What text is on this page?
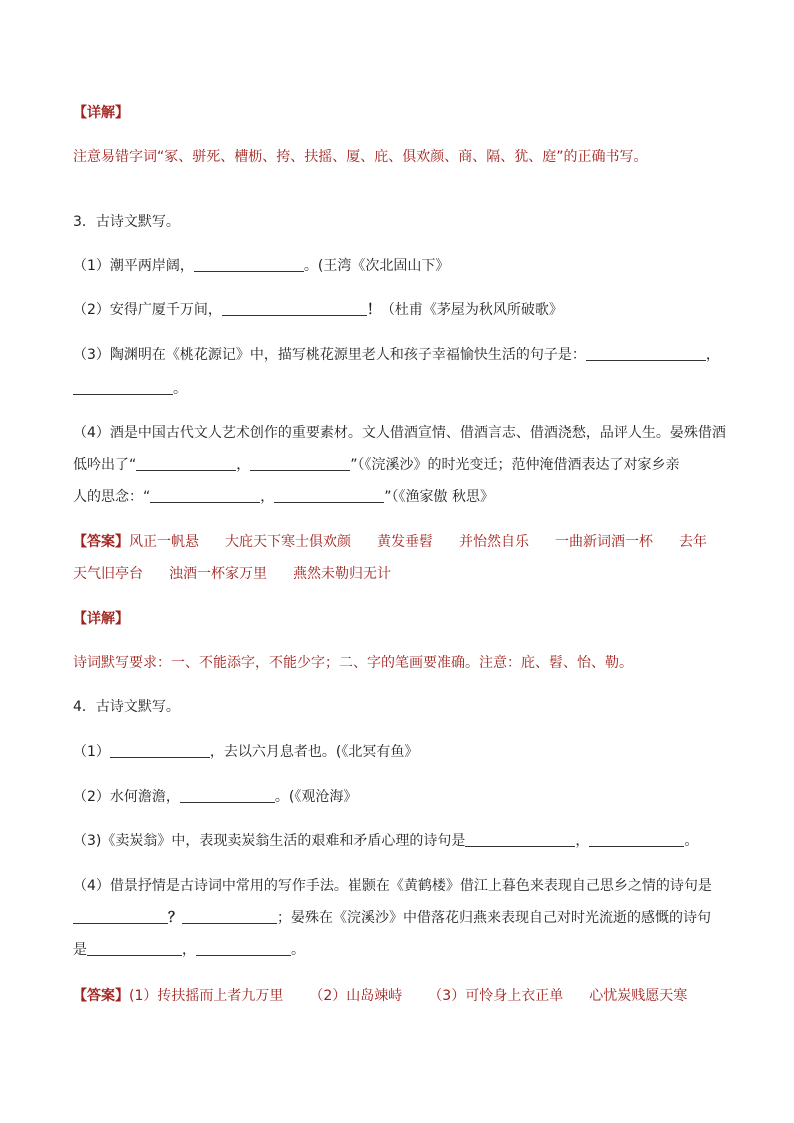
【详解】
注意易错字词“冢、骈死、槽枥、挎、扶摇、厦、庇、俱欢颜、商、隔、犹、庭”的正确书写。
3．古诗文默写。
（1）潮平两岸阔，	。(王湾《次北固山下》
（2）安得广厦千万间，	！（杜甫《茅屋为秋风所破歌》
（3）陶渊明在《桃花源记》中，描写桃花源里老人和孩子幸福愉快生活的句子是：	，
。
（4）酒是中国古代文人艺术创作的重要素材。文人借酒宣情、借酒言志、借酒浇愁，品评人生。晏殊借酒
低吟出了“	，	”（《浣溪沙》的时光变迁；范仲淹借酒表达了对家乡亲
人的思念：“	，	”（《渔家傲 秋思》
【答案】风正一帆悬 大庇天下寒士俱欢颜 黄发垂髫 并怡然自乐 一曲新词酒一杯 去年
天气旧亭台 浊酒一杯家万里 燕然未勒归无计
【详解】
诗词默写要求：一、不能添字，不能少字；二、字的笔画要准确。注意：庇、髫、怡、勒。
4．古诗文默写。
（1）	，去以六月息者也。(《北冥有鱼》
（2）水何澹澹，	。(《观沧海》
（3)《卖炭翁》中，表现卖炭翁生活的艰难和矛盾心理的诗句是	，	。
（4）借景抒情是古诗词中常用的写作手法。崔颢在《黄鹤楼》借江上暮色来表现自己思乡之情的诗句是
？	；晏殊在《浣溪沙》中借落花归燕来表现自己对时光流逝的感慨的诗句
是	，	。
【答案】(1）抟扶摇而上者九万里 （2）山岛竦峙 （3）可怜身上衣正单 心忧炭贱愿天寒
